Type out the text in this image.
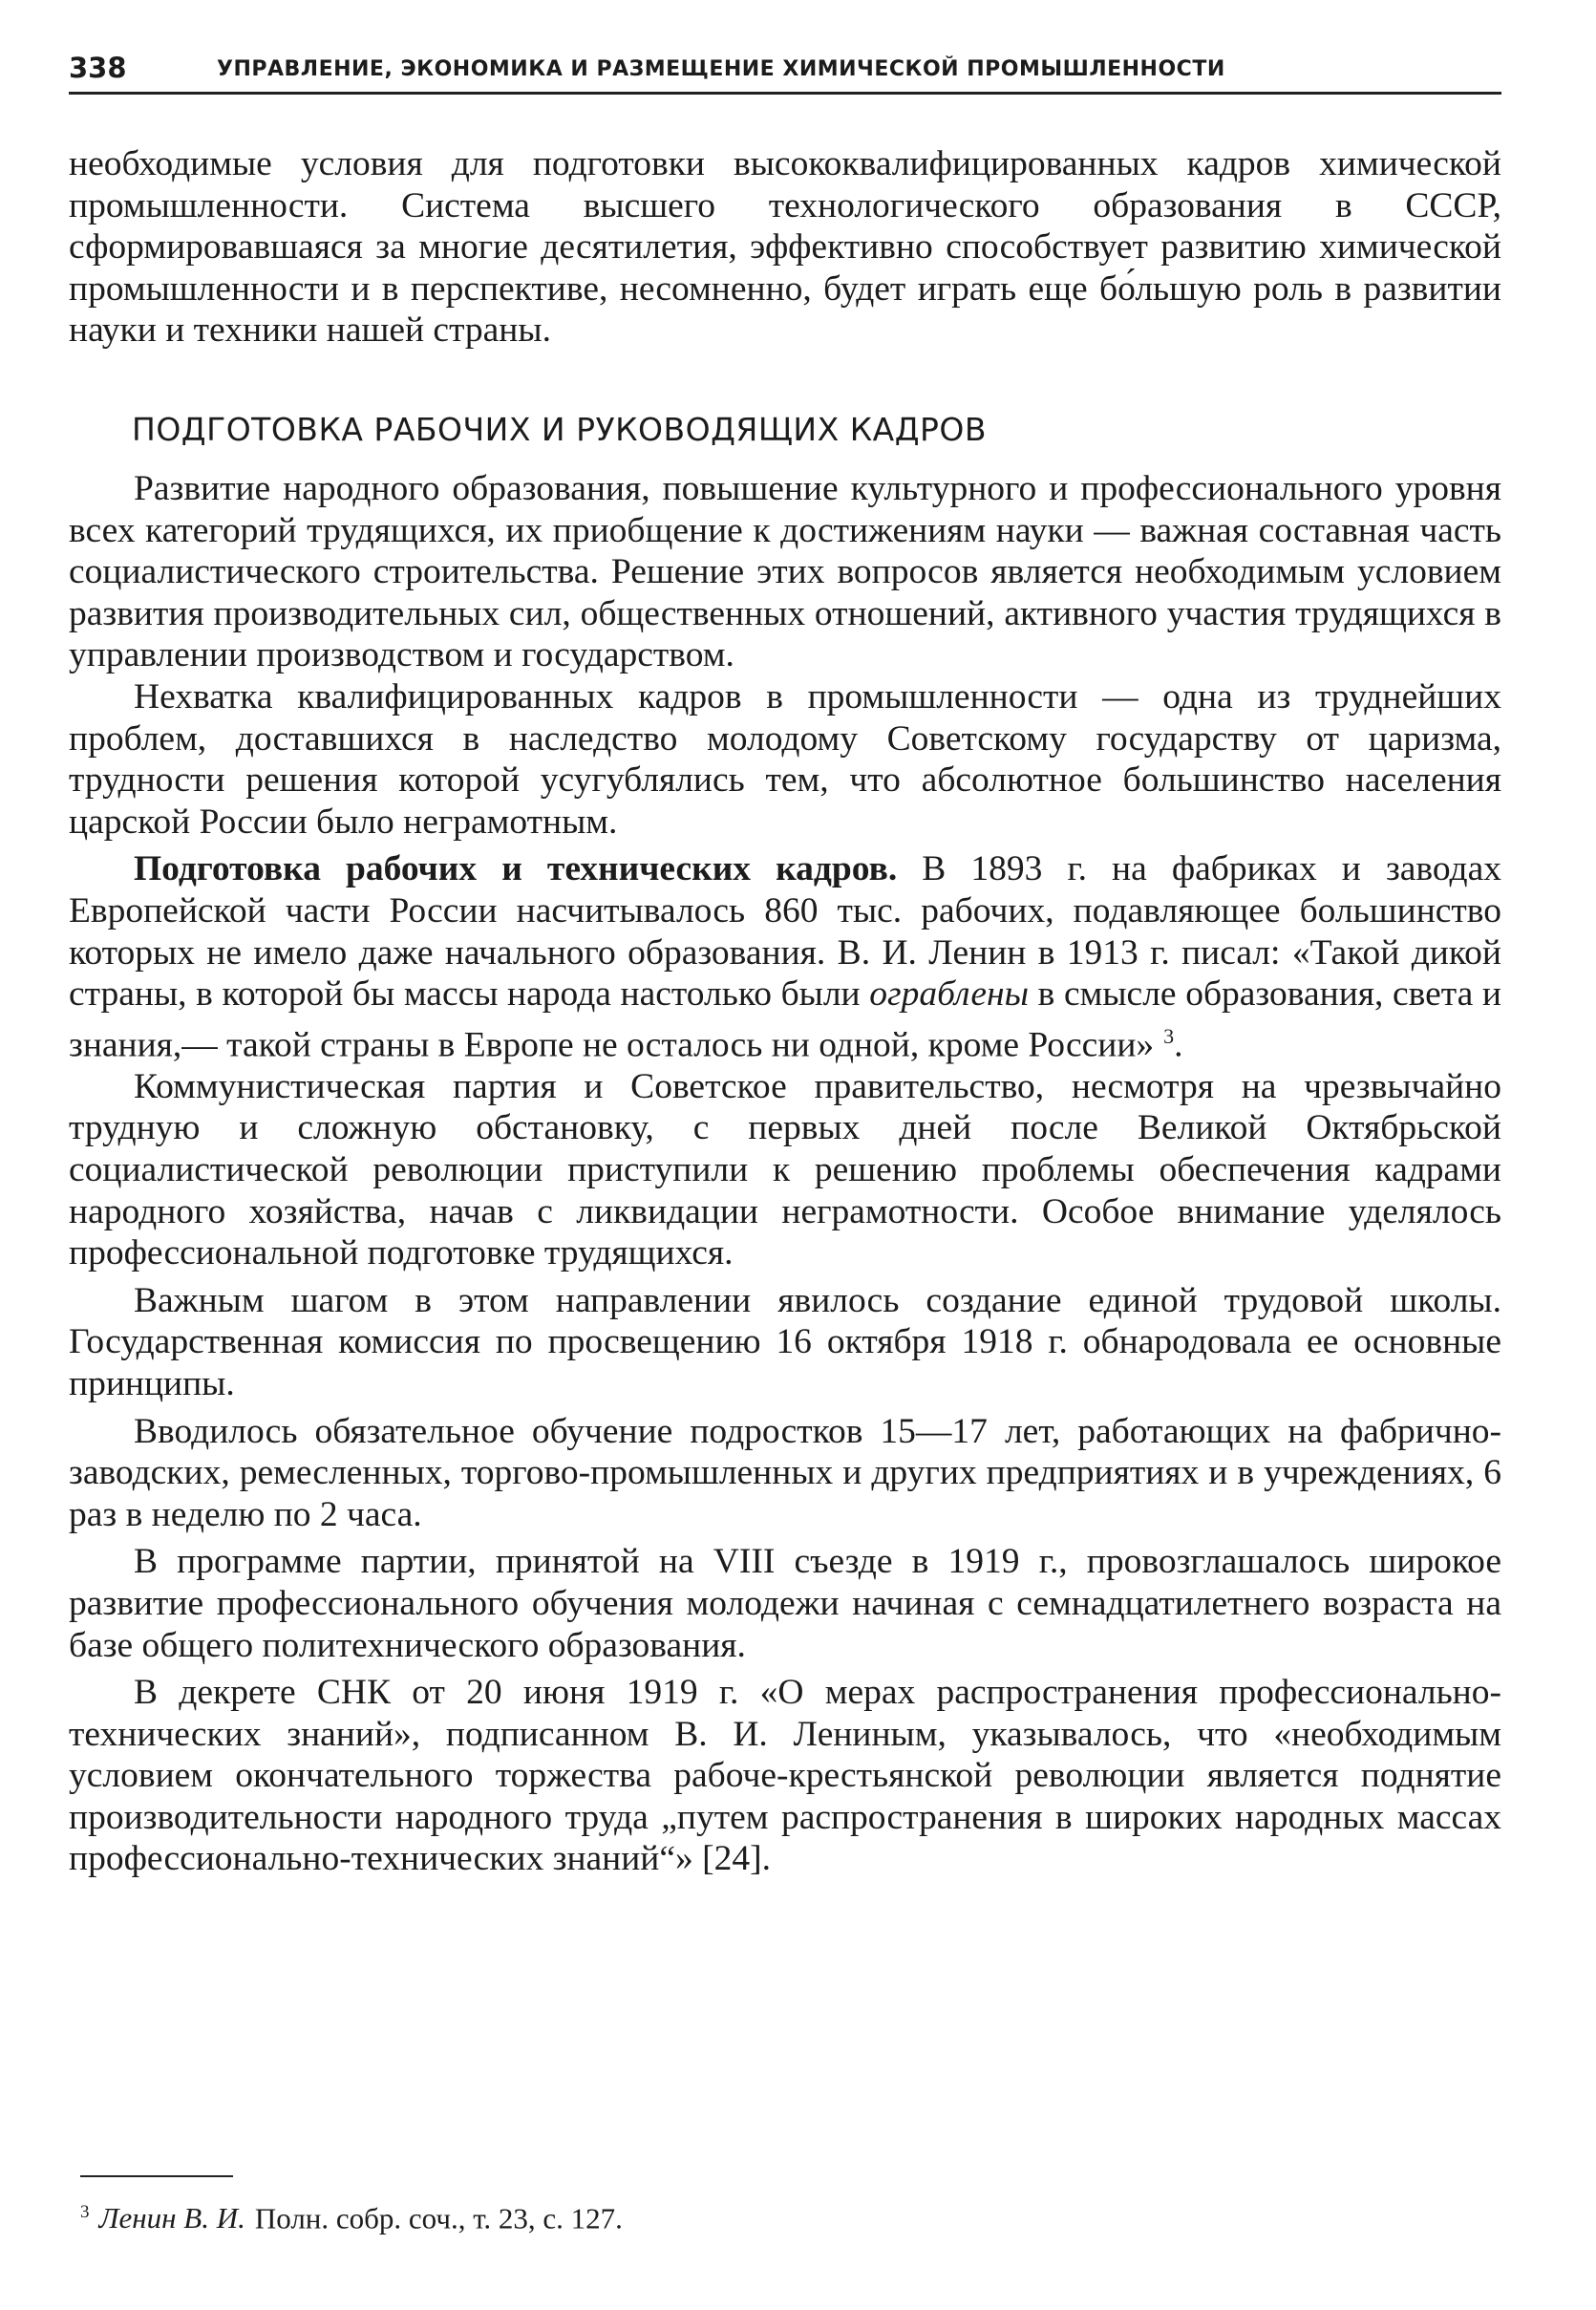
338	УПРАВЛЕНИЕ, ЭКОНОМИКА И РАЗМЕЩЕНИЕ ХИМИЧЕСКОЙ ПРОМЫШЛЕННОСТИ

необходимые условия для подготовки высококвалифицированных кадров химической промышленности. Система высшего технологического образования в СССР, сформировавшаяся за многие десятилетия, эффективно способствует развитию химической промышленности и в перспективе, несомненно, будет играть еще бо́льшую роль в развитии науки и техники нашей страны.

ПОДГОТОВКА РАБОЧИХ И РУКОВОДЯЩИХ КАДРОВ

Развитие народного образования, повышение культурного и профессионального уровня всех категорий трудящихся, их приобщение к достижениям науки — важная составная часть социалистического строительства. Решение этих вопросов является необходимым условием развития производительных сил, общественных отношений, активного участия трудящихся в управлении производством и государством.

Нехватка квалифицированных кадров в промышленности — одна из труднейших проблем, доставшихся в наследство молодому Советскому государству от царизма, трудности решения которой усугублялись тем, что абсолютное большинство населения царской России было неграмотным.

Подготовка рабочих и технических кадров. В 1893 г. на фабриках и заводах Европейской части России насчитывалось 860 тыс. рабочих, подавляющее большинство которых не имело даже начального образования. В. И. Ленин в 1913 г. писал: «Такой дикой страны, в которой бы массы народа настолько были ограблены в смысле образования, света и знания,— такой страны в Европе не осталось ни одной, кроме России» $^3$.

Коммунистическая партия и Советское правительство, несмотря на чрезвычайно трудную и сложную обстановку, с первых дней после Великой Октябрьской социалистической революции приступили к решению проблемы обеспечения кадрами народного хозяйства, начав с ликвидации неграмотности. Особое внимание уделялось профессиональной подготовке трудящихся.

Важным шагом в этом направлении явилось создание единой трудовой школы. Государственная комиссия по просвещению 16 октября 1918 г. обнародовала ее основные принципы.

Вводилось обязательное обучение подростков 15—17 лет, работающих на фабрично-заводских, ремесленных, торгово-промышленных и других предприятиях и в учреждениях, 6 раз в неделю по 2 часа.

В программе партии, принятой на VIII съезде в 1919 г., провозглашалось широкое развитие профессионального обучения молодежи начиная с семнадцатилетнего возраста на базе общего политехнического образования.

В декрете СНК от 20 июня 1919 г. «О мерах распространения профессионально-технических знаний», подписанном В. И. Лениным, указывалось, что «необходимым условием окончательного торжества рабоче-крестьянской революции является поднятие производительности народного труда „путем распространения в широких народных массах профессионально-технических знаний“» [24].

$^3$ Ленин В. И. Полн. собр. соч., т. 23, с. 127.
